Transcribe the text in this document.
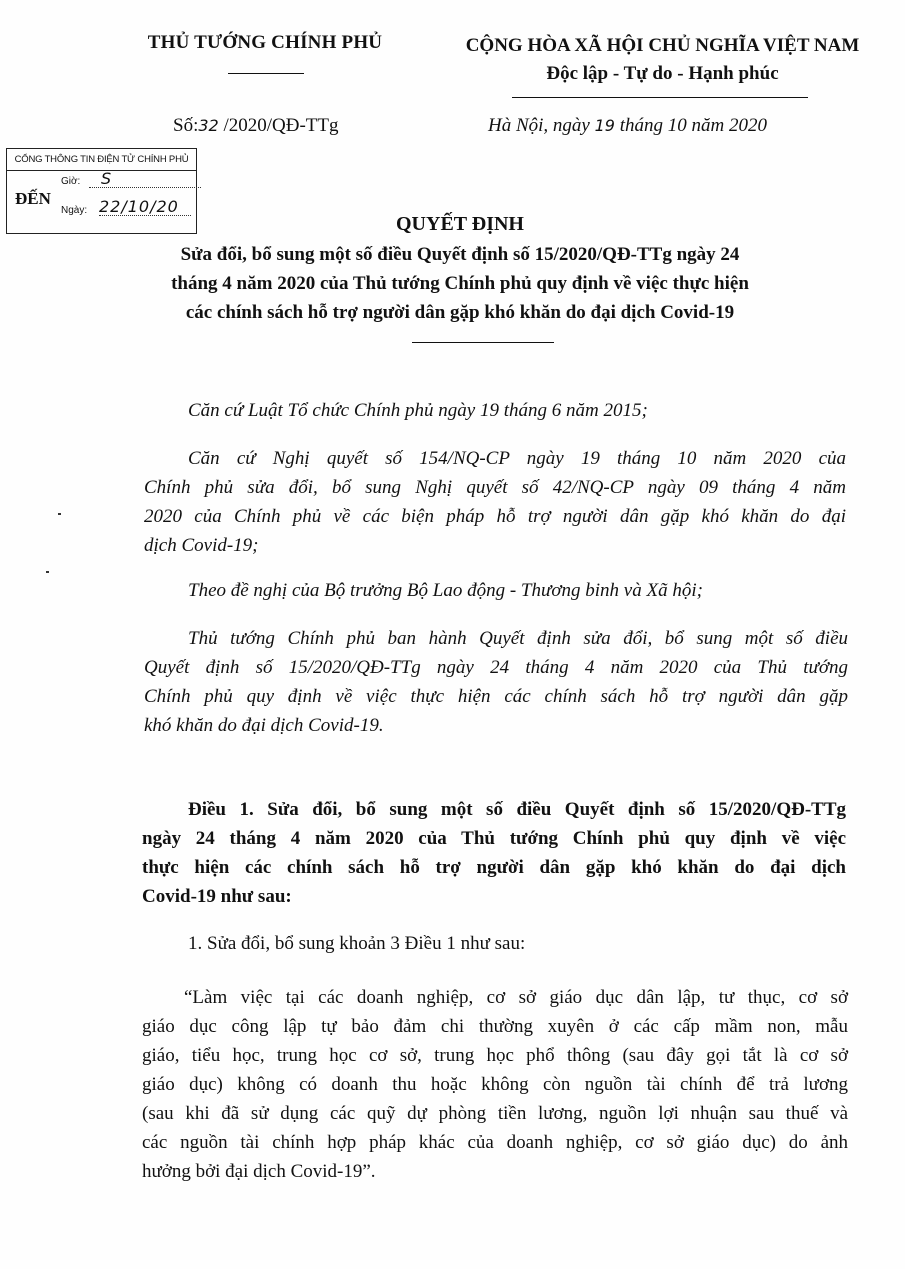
THỦ TƯỚNG CHÍNH PHỦ	CỘNG HÒA XÃ HỘI CHỦ NGHĨA VIỆT NAM
Độc lập - Tự do - Hạnh phúc
Số:32 /2020/QĐ-TTg	Hà Nội, ngày 19 tháng 10 năm 2020
CỔNG THÔNG TIN ĐIỆN TỬ CHÍNH PHỦ
ĐẾN
Giờ:	S
Ngày: 22/10/20
QUYẾT ĐỊNH
Sửa đổi, bổ sung một số điều Quyết định số 15/2020/QĐ-TTg ngày 24
tháng 4 năm 2020 của Thủ tướng Chính phủ quy định về việc thực hiện
các chính sách hỗ trợ người dân gặp khó khăn do đại dịch Covid-19
Căn cứ Luật Tổ chức Chính phủ ngày 19 tháng 6 năm 2015;
Căn cứ Nghị quyết số 154/NQ-CP ngày 19 tháng 10 năm 2020 của
Chính phủ sửa đổi, bổ sung Nghị quyết số 42/NQ-CP ngày 09 tháng 4 năm
2020 của Chính phủ về các biện pháp hỗ trợ người dân gặp khó khăn do đại
dịch Covid-19;
Theo đề nghị của Bộ trưởng Bộ Lao động - Thương binh và Xã hội;
Thủ tướng Chính phủ ban hành Quyết định sửa đổi, bổ sung một số điều
Quyết định số 15/2020/QĐ-TTg ngày 24 tháng 4 năm 2020 của Thủ tướng
Chính phủ quy định về việc thực hiện các chính sách hỗ trợ người dân gặp
khó khăn do đại dịch Covid-19.
Điều 1. Sửa đổi, bổ sung một số điều Quyết định số 15/2020/QĐ-TTg
ngày 24 tháng 4 năm 2020 của Thủ tướng Chính phủ quy định về việc
thực hiện các chính sách hỗ trợ người dân gặp khó khăn do đại dịch
Covid-19 như sau:
1. Sửa đổi, bổ sung khoản 3 Điều 1 như sau:
“Làm việc tại các doanh nghiệp, cơ sở giáo dục dân lập, tư thục, cơ sở
giáo dục công lập tự bảo đảm chi thường xuyên ở các cấp mầm non, mẫu
giáo, tiểu học, trung học cơ sở, trung học phổ thông (sau đây gọi tắt là cơ sở
giáo dục) không có doanh thu hoặc không còn nguồn tài chính để trả lương
(sau khi đã sử dụng các quỹ dự phòng tiền lương, nguồn lợi nhuận sau thuế và
các nguồn tài chính hợp pháp khác của doanh nghiệp, cơ sở giáo dục) do ảnh
hưởng bởi đại dịch Covid-19”.
